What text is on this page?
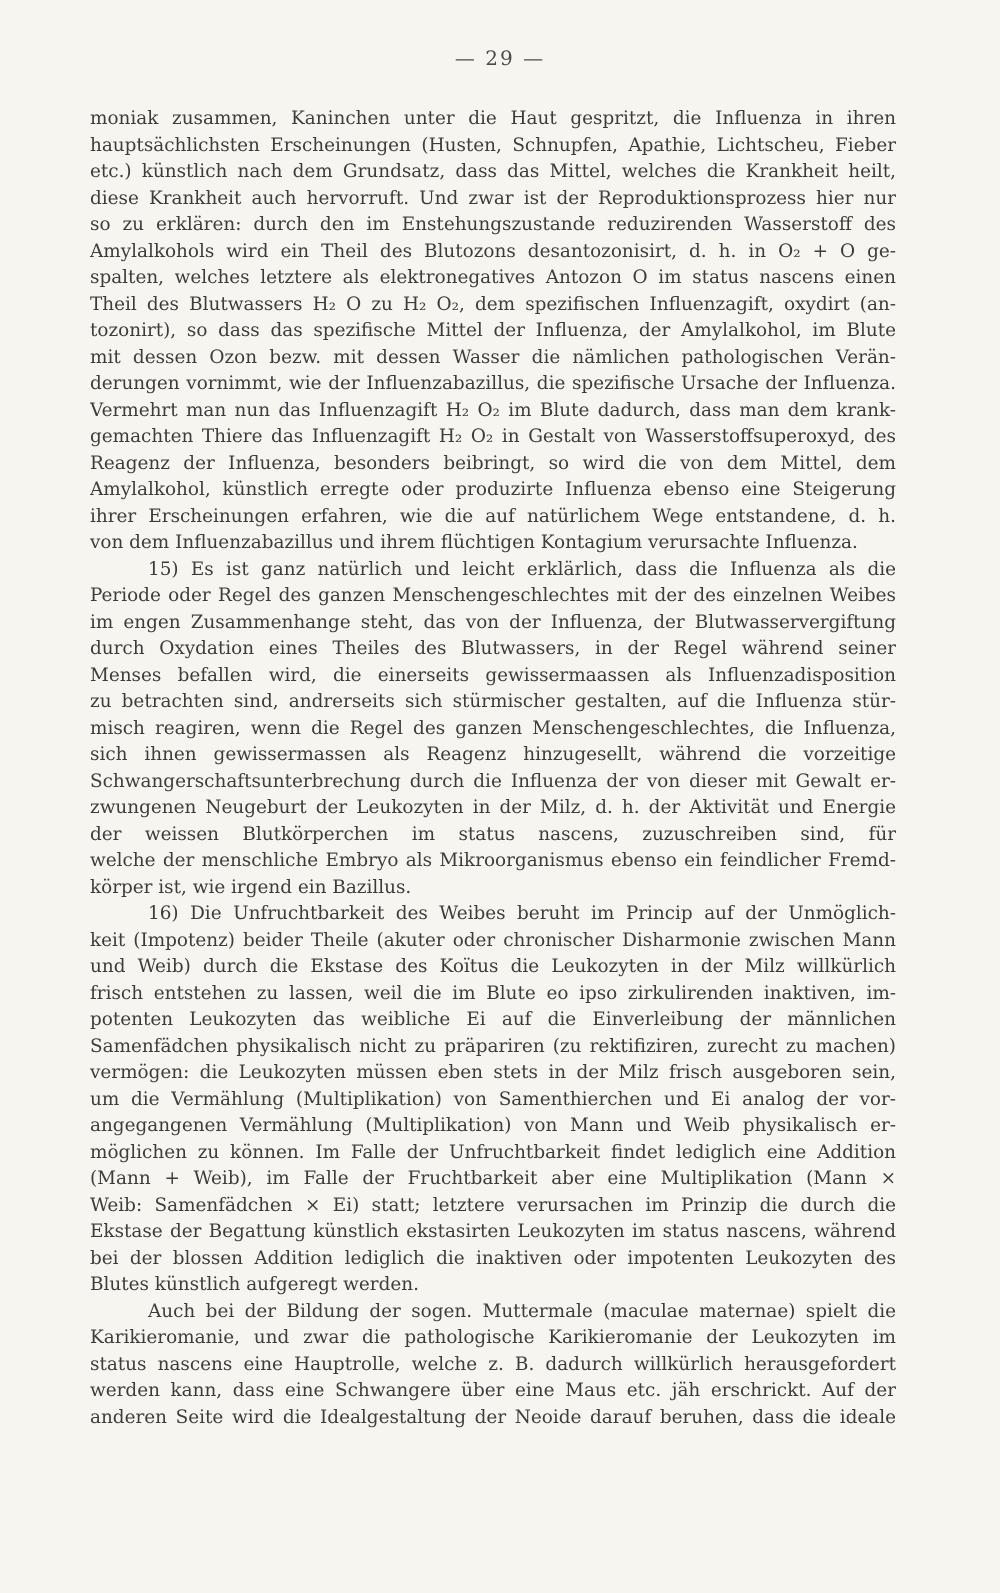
— 29 —
moniak zusammen, Kaninchen unter die Haut gespritzt, die Influenza in ihren
hauptsächlichsten Erscheinungen (Husten, Schnupfen, Apathie, Lichtscheu, Fieber
etc.) künstlich nach dem Grundsatz, dass das Mittel, welches die Krankheit heilt,
diese Krankheit auch hervorruft. Und zwar ist der Reproduktionsprozess hier nur
so zu erklären: durch den im Enstehungszustande reduzirenden Wasserstoff des
Amylalkohols wird ein Theil des Blutozons desantozonisirt, d. h. in O₂ + O ge-
spalten, welches letztere als elektronegatives Antozon O im status nascens einen
Theil des Blutwassers H₂ O zu H₂ O₂, dem spezifischen Influenzagift, oxydirt (an-
tozonirt), so dass das spezifische Mittel der Influenza, der Amylalkohol, im Blute
mit dessen Ozon bezw. mit dessen Wasser die nämlichen pathologischen Verän-
derungen vornimmt, wie der Influenzabazillus, die spezifische Ursache der Influenza.
Vermehrt man nun das Influenzagift H₂ O₂ im Blute dadurch, dass man dem krank-
gemachten Thiere das Influenzagift H₂ O₂ in Gestalt von Wasserstoffsuperoxyd, des
Reagenz der Influenza, besonders beibringt, so wird die von dem Mittel, dem
Amylalkohol, künstlich erregte oder produzirte Influenza ebenso eine Steigerung
ihrer Erscheinungen erfahren, wie die auf natürlichem Wege entstandene, d. h.
von dem Influenzabazillus und ihrem flüchtigen Kontagium verursachte Influenza.
15) Es ist ganz natürlich und leicht erklärlich, dass die Influenza als die
Periode oder Regel des ganzen Menschengeschlechtes mit der des einzelnen Weibes
im engen Zusammenhange steht, das von der Influenza, der Blutwasservergiftung
durch Oxydation eines Theiles des Blutwassers, in der Regel während seiner
Menses befallen wird, die einerseits gewissermaassen als Influenzadisposition
zu betrachten sind, andrerseits sich stürmischer gestalten, auf die Influenza stür-
misch reagiren, wenn die Regel des ganzen Menschengeschlechtes, die Influenza,
sich ihnen gewissermassen als Reagenz hinzugesellt, während die vorzeitige
Schwangerschaftsunterbrechung durch die Influenza der von dieser mit Gewalt er-
zwungenen Neugeburt der Leukozyten in der Milz, d. h. der Aktivität und Energie
der weissen Blutkörperchen im status nascens, zuzuschreiben sind, für
welche der menschliche Embryo als Mikroorganismus ebenso ein feindlicher Fremd-
körper ist, wie irgend ein Bazillus.
16) Die Unfruchtbarkeit des Weibes beruht im Princip auf der Unmöglich-
keit (Impotenz) beider Theile (akuter oder chronischer Disharmonie zwischen Mann
und Weib) durch die Ekstase des Koïtus die Leukozyten in der Milz willkürlich
frisch entstehen zu lassen, weil die im Blute eo ipso zirkulirenden inaktiven, im-
potenten Leukozyten das weibliche Ei auf die Einverleibung der männlichen
Samenfädchen physikalisch nicht zu präpariren (zu rektifiziren, zurecht zu machen)
vermögen: die Leukozyten müssen eben stets in der Milz frisch ausgeboren sein,
um die Vermählung (Multiplikation) von Samenthierchen und Ei analog der vor-
angegangenen Vermählung (Multiplikation) von Mann und Weib physikalisch er-
möglichen zu können. Im Falle der Unfruchtbarkeit findet lediglich eine Addition
(Mann + Weib), im Falle der Fruchtbarkeit aber eine Multiplikation (Mann ×
Weib: Samenfädchen × Ei) statt; letztere verursachen im Prinzip die durch die
Ekstase der Begattung künstlich ekstasirten Leukozyten im status nascens, während
bei der blossen Addition lediglich die inaktiven oder impotenten Leukozyten des
Blutes künstlich aufgeregt werden.
Auch bei der Bildung der sogen. Muttermale (maculae maternae) spielt die
Karikieromanie, und zwar die pathologische Karikieromanie der Leukozyten im
status nascens eine Hauptrolle, welche z. B. dadurch willkürlich herausgefordert
werden kann, dass eine Schwangere über eine Maus etc. jäh erschrickt. Auf der
anderen Seite wird die Idealgestaltung der Neoide darauf beruhen, dass die ideale
